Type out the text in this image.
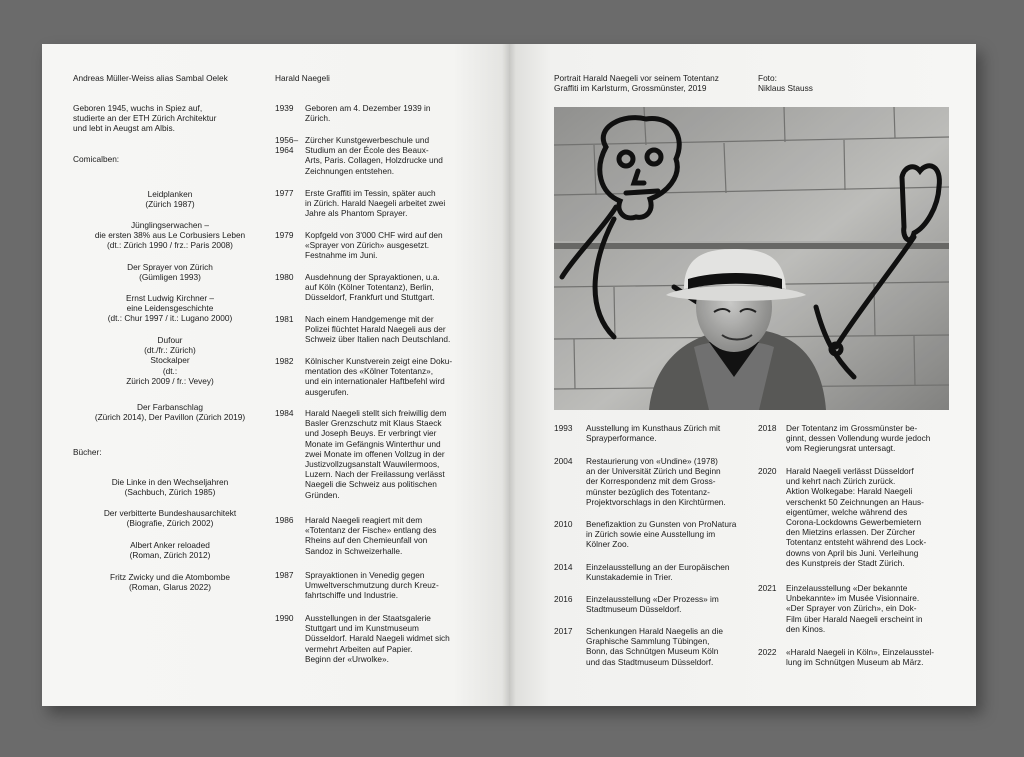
Andreas Müller-Weiss alias Sambal Oelek
Geboren 1945, wuchs in Spiez auf,
studierte an der ETH Zürich Architektur
und lebt in Aeugst am Albis.
Comicalben:
Leidplanken
(Zürich 1987)
Jünglingserwachen –
die ersten 38% aus Le Corbusiers Leben
(dt.: Zürich 1990 / frz.: Paris 2008)
Der Sprayer von Zürich
(Gümligen 1993)
Ernst Ludwig Kirchner –
eine Leidensgeschichte
(dt.: Chur 1997 / it.: Lugano 2000)
Dufour
(dt./fr.: Zürich)
Stockalper
(dt.:
Zürich 2009 / fr.: Vevey)
Der Farbanschlag
(Zürich 2014), Der Pavillon (Zürich 2019)
Bücher:
Die Linke in den Wechseljahren
(Sachbuch, Zürich 1985)
Der verbitterte Bundeshausarchitekt
(Biografie, Zürich 2002)
Albert Anker reloaded
(Roman, Zürich 2012)
Fritz Zwicky und die Atombombe
(Roman, Glarus 2022)
Harald Naegeli
1939 Geboren am 4. Dezember 1939 in
Zürich.
1956–
1964
Zürcher Kunstgewerbeschule und
Studium an der École des Beaux-
Arts, Paris. Collagen, Holzdrucke und
Zeichnungen entstehen.
1977 Erste Graffiti im Tessin, später auch
in Zürich. Harald Naegeli arbeitet zwei
Jahre als Phantom Sprayer.
1979 Kopfgeld von 3'000 CHF wird auf den
«Sprayer von Zürich» ausgesetzt.
Festnahme im Juni.
1980 Ausdehnung der Sprayaktionen, u.a.
auf Köln (Kölner Totentanz), Berlin,
Düsseldorf, Frankfurt und Stuttgart.
1981 Nach einem Handgemenge mit der
Polizei flüchtet Harald Naegeli aus der
Schweiz über Italien nach Deutschland.
1982 Kölnischer Kunstverein zeigt eine Doku-
mentation des «Kölner Totentanz»,
und ein internationaler Haftbefehl wird
ausgerufen.
1984 Harald Naegeli stellt sich freiwillig dem
Basler Grenzschutz mit Klaus Staeck
und Joseph Beuys. Er verbringt vier
Monate im Gefängnis Winterthur und
zwei Monate im offenen Vollzug in der
Justizvollzugsanstalt Wauwilermoos,
Luzern. Nach der Freilassung verlässt
Naegeli die Schweiz aus politischen
Gründen.
1986 Harald Naegeli reagiert mit dem
«Totentanz der Fische» entlang des
Rheins auf den Chemieunfall von
Sandoz in Schweizerhalle.
1987 Sprayaktionen in Venedig gegen
Umweltverschmutzung durch Kreuz-
fahrtschiffe und Industrie.
1990 Ausstellungen in der Staatsgalerie
Stuttgart und im Kunstmuseum
Düsseldorf. Harald Naegeli widmet sich
vermehrt Arbeiten auf Papier.
Beginn der «Urwolke».
Portrait Harald Naegeli vor seinem Totentanz
Graffiti im Karlsturm, Grossmünster, 2019
Foto:
Niklaus Stauss
1993 Ausstellung im Kunsthaus Zürich mit
Sprayperformance.
2004 Restaurierung von «Undine» (1978)
an der Universität Zürich und Beginn
der Korrespondenz mit dem Gross-
münster bezüglich des Totentanz-
Projektvorschlags in den Kirchtürmen.
2010 Benefizaktion zu Gunsten von ProNatura
in Zürich sowie eine Ausstellung im
Kölner Zoo.
2014 Einzelausstellung an der Europäischen
Kunstakademie in Trier.
2016 Einzelausstellung «Der Prozess» im
Stadtmuseum Düsseldorf.
2017 Schenkungen Harald Naegelis an die
Graphische Sammlung Tübingen,
Bonn, das Schnütgen Museum Köln
und das Stadtmuseum Düsseldorf.
2018 Der Totentanz im Grossmünster be-
ginnt, dessen Vollendung wurde jedoch
vom Regierungsrat untersagt.
2020 Harald Naegeli verlässt Düsseldorf
und kehrt nach Zürich zurück.
Aktion Wolkegabe: Harald Naegeli
verschenkt 50 Zeichnungen an Haus-
eigentümer, welche während des
Corona-Lockdowns Gewerbemietern
den Mietzins erlassen. Der Zürcher
Totentanz entsteht während des Lock-
downs von April bis Juni. Verleihung
des Kunstpreis der Stadt Zürich.
2021 Einzelausstellung «Der bekannte
Unbekannte» im Musée Visionnaire.
«Der Sprayer von Zürich», ein Dok-
Film über Harald Naegeli erscheint in
den Kinos.
2022 «Harald Naegeli in Köln», Einzelausstel-
lung im Schnütgen Museum ab März.
